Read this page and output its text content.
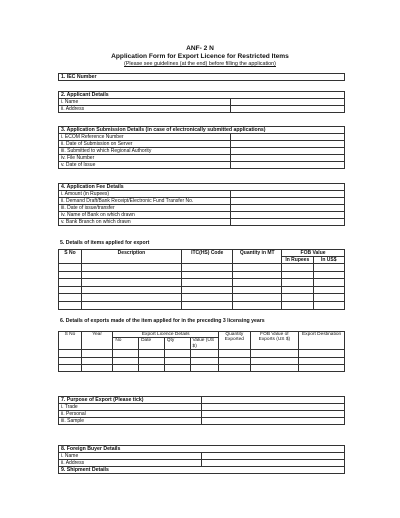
ANF- 2 N
Application Form for Export Licence for Restricted Items
(Please see guidelines (at the end) before filling the application)
1. IEC Number
2. Applicant Details	
i. Name	
ii. Address	
3. Application Submission Details (in case of electronically submitted applications)	
i. ECOM Reference Number	
ii. Date of Submission on Server	
iii. Submitted to which Regional Authority	
iv. File Number	
v. Date of Issue	
4. Application Fee Details	
i. Amount (in Rupees)	
ii. Demand Draft/Bank Receipt/Electronic Fund Transfer No.	
iii. Date of issue/transfer	
iv. Name of Bank on which drawn	
v. Bank Branch on which drawn	
5. Details of items applied for export
S No	Description	ITC(HS) Code	Quantity in MT	FOB Value	
				In Rupees	In US$

6. Details of exports made of the item applied for in the preceding 3 licensing years
S No	Year	Export Licence Details				Quantity Exported	FOB Value of Exports (US $)	Export Destination
		No	Date	Qty	Value (US $)			

7. Purpose of Export (Please tick)	
i. Trade	
ii. Personal	
iii. Sample	
8. Foreign Buyer Details	
i. Name	
ii. Address	
9. Shipment Details	
